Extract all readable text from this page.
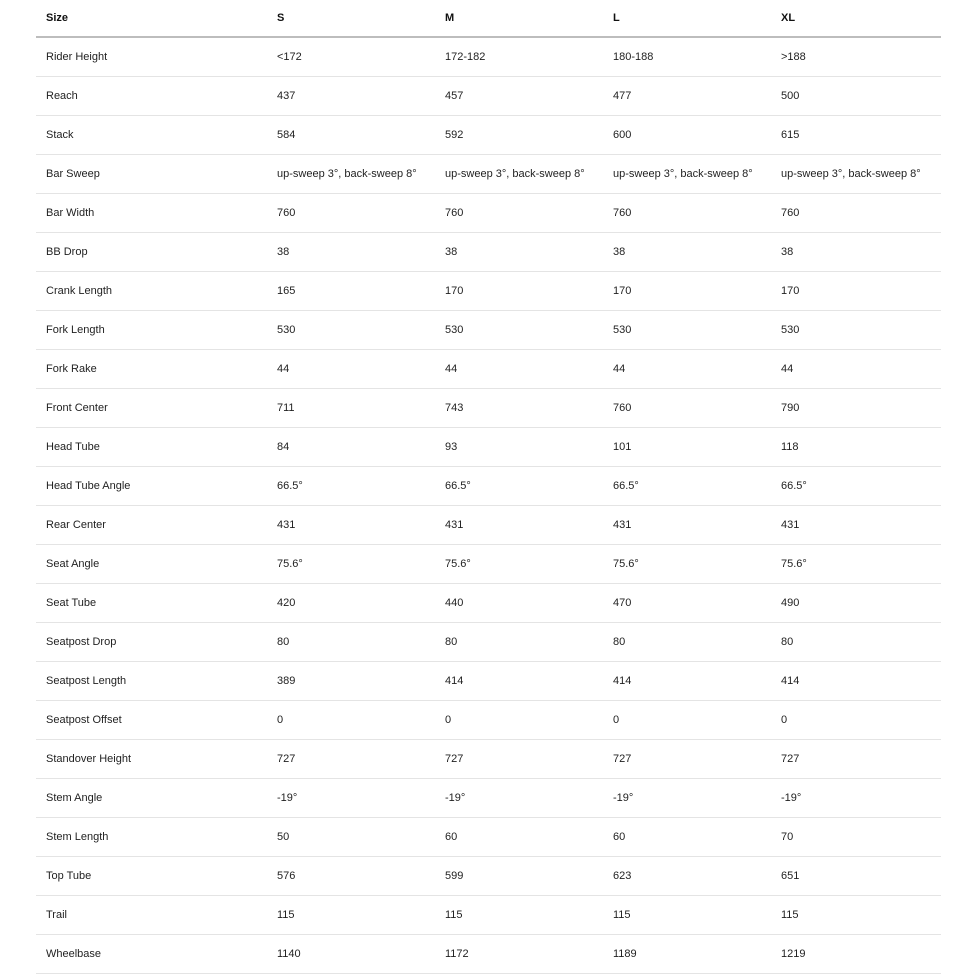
Size	S	M	L	XL
Rider Height	<172	172-182	180-188	>188
Reach	437	457	477	500
Stack	584	592	600	615
Bar Sweep	up-sweep 3°, back-sweep 8°	up-sweep 3°, back-sweep 8°	up-sweep 3°, back-sweep 8°	up-sweep 3°, back-sweep 8°
Bar Width	760	760	760	760
BB Drop	38	38	38	38
Crank Length	165	170	170	170
Fork Length	530	530	530	530
Fork Rake	44	44	44	44
Front Center	711	743	760	790
Head Tube	84	93	101	118
Head Tube Angle	66.5°	66.5°	66.5°	66.5°
Rear Center	431	431	431	431
Seat Angle	75.6°	75.6°	75.6°	75.6°
Seat Tube	420	440	470	490
Seatpost Drop	80	80	80	80
Seatpost Length	389	414	414	414
Seatpost Offset	0	0	0	0
Standover Height	727	727	727	727
Stem Angle	-19°	-19°	-19°	-19°
Stem Length	50	60	60	70
Top Tube	576	599	623	651
Trail	115	115	115	115
Wheelbase	1140	1172	1189	1219
